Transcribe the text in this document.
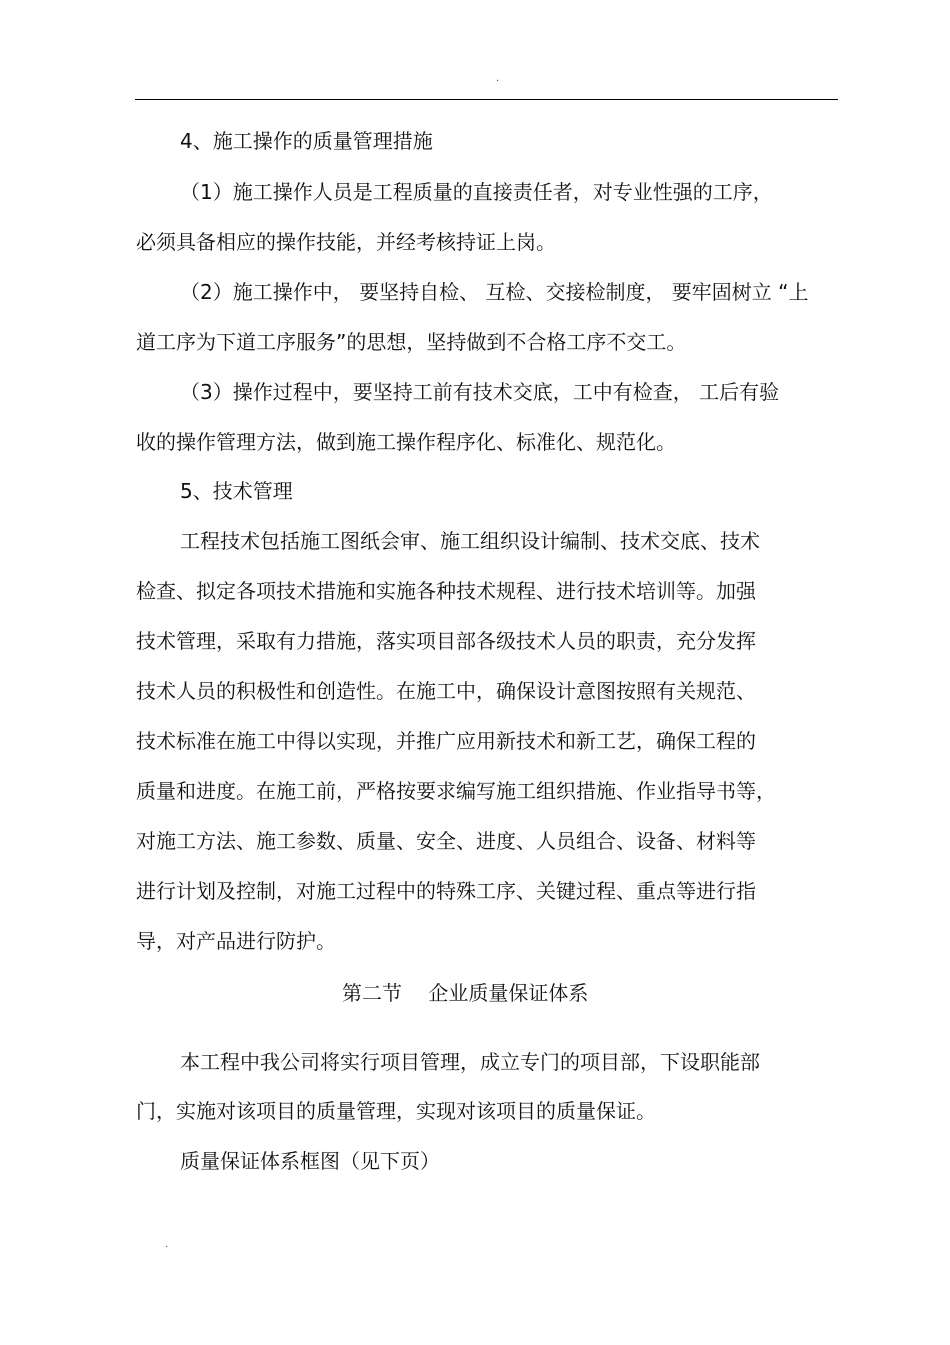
.
4、施工操作的质量管理措施
（1）施工操作人员是工程质量的直接责任者，对专业性强的工序，
必须具备相应的操作技能，并经考核持证上岗。
（2）施工操作中， 要坚持自检、 互检、交接检制度， 要牢固树立 “上
道工序为下道工序服务”的思想，坚持做到不合格工序不交工。
（3）操作过程中，要坚持工前有技术交底，工中有检查， 工后有验
收的操作管理方法，做到施工操作程序化、标准化、规范化。
5、技术管理
工程技术包括施工图纸会审、施工组织设计编制、技术交底、技术
检查、拟定各项技术措施和实施各种技术规程、进行技术培训等。加强
技术管理，采取有力措施，落实项目部各级技术人员的职责，充分发挥
技术人员的积极性和创造性。在施工中，确保设计意图按照有关规范、
技术标准在施工中得以实现，并推广应用新技术和新工艺，确保工程的
质量和进度。在施工前，严格按要求编写施工组织措施、作业指导书等，
对施工方法、施工参数、质量、安全、进度、人员组合、设备、材料等
进行计划及控制，对施工过程中的特殊工序、关键过程、重点等进行指
导，对产品进行防护。
第二节　 企业质量保证体系
本工程中我公司将实行项目管理，成立专门的项目部，下设职能部
门，实施对该项目的质量管理，实现对该项目的质量保证。
质量保证体系框图（见下页）
.
